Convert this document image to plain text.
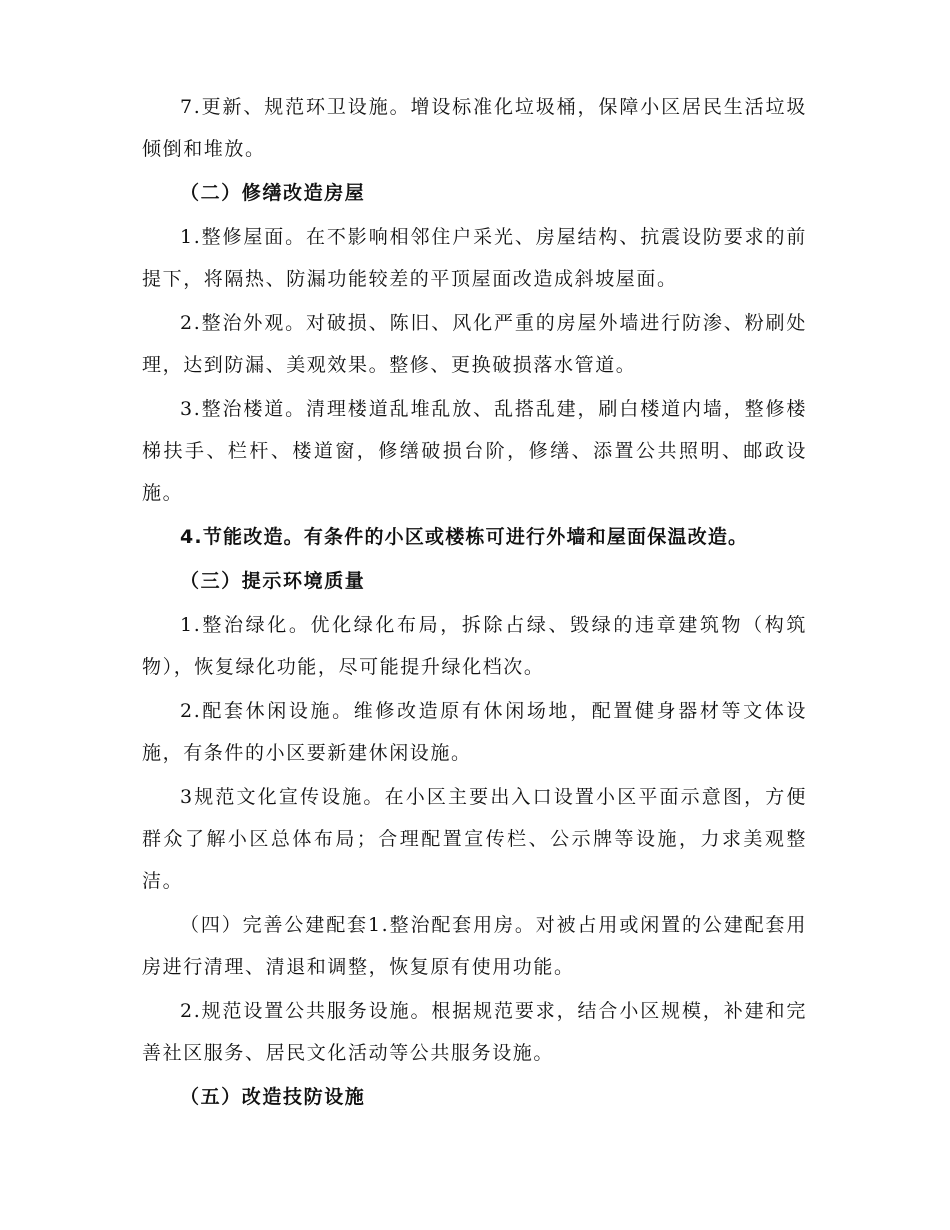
7.更新、规范环卫设施。增设标准化垃圾桶，保障小区居民生活垃圾倾倒和堆放。

（二）修缮改造房屋

1.整修屋面。在不影响相邻住户采光、房屋结构、抗震设防要求的前提下，将隔热、防漏功能较差的平顶屋面改造成斜坡屋面。

2.整治外观。对破损、陈旧、风化严重的房屋外墙进行防渗、粉刷处理，达到防漏、美观效果。整修、更换破损落水管道。

3.整治楼道。清理楼道乱堆乱放、乱搭乱建，刷白楼道内墙，整修楼梯扶手、栏杆、楼道窗，修缮破损台阶，修缮、添置公共照明、邮政设施。

4.节能改造。有条件的小区或楼栋可进行外墙和屋面保温改造。

（三）提示环境质量

1.整治绿化。优化绿化布局，拆除占绿、毁绿的违章建筑物（构筑物），恢复绿化功能，尽可能提升绿化档次。

2.配套休闲设施。维修改造原有休闲场地，配置健身器材等文体设施，有条件的小区要新建休闲设施。

3规范文化宣传设施。在小区主要出入口设置小区平面示意图，方便群众了解小区总体布局；合理配置宣传栏、公示牌等设施，力求美观整洁。

（四）完善公建配套1.整治配套用房。对被占用或闲置的公建配套用房进行清理、清退和调整，恢复原有使用功能。

2.规范设置公共服务设施。根据规范要求，结合小区规模，补建和完善社区服务、居民文化活动等公共服务设施。

（五）改造技防设施
